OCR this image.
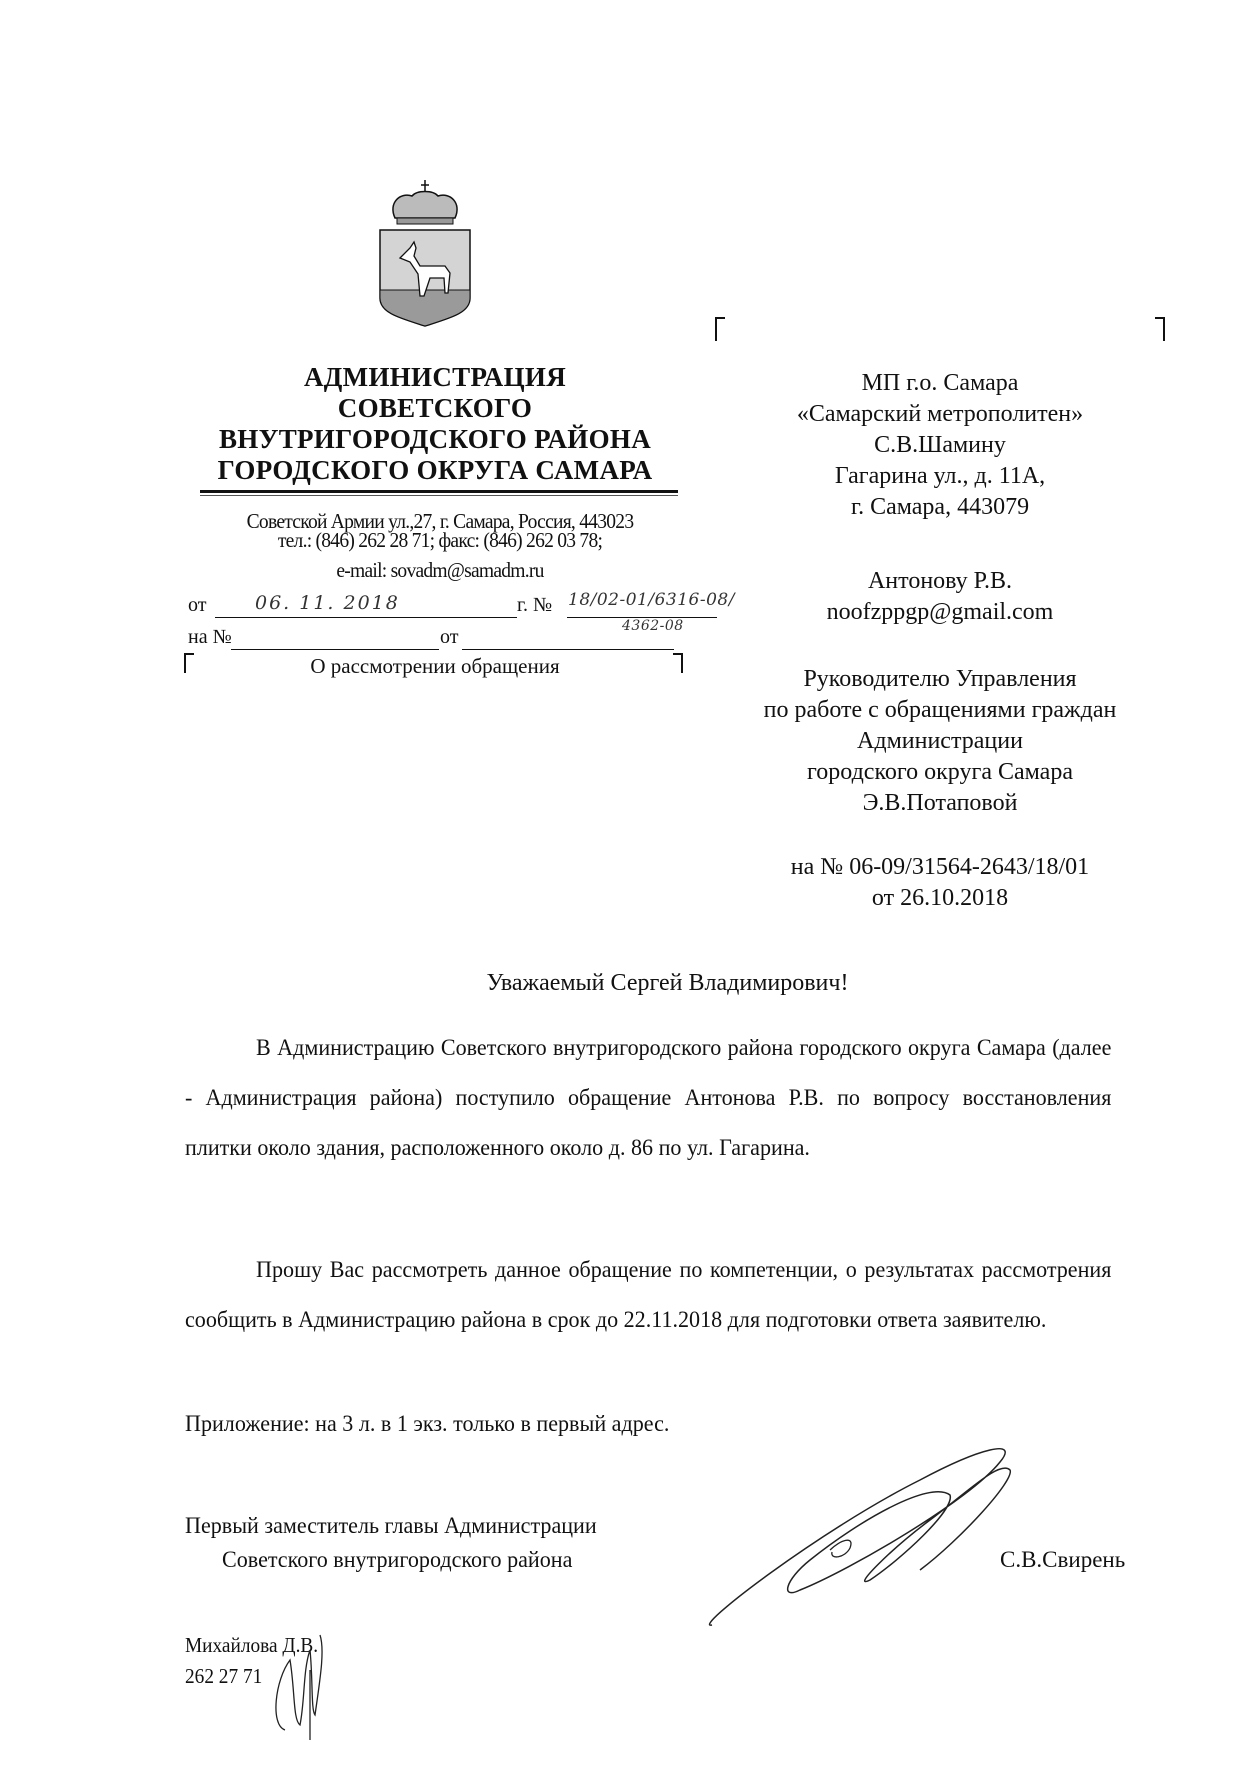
АДМИНИСТРАЦИЯ
СОВЕТСКОГО
ВНУТРИГОРОДСКОГО РАЙОНА
ГОРОДСКОГО ОКРУГА САМАРА
Советской Армии ул.,27, г. Самара, Россия, 443023
тел.: (846) 262 28 71; факс: (846) 262 03 78;
e-mail: sovadm@samadm.ru
от	06. 11. 2018	г. № 18/02-01/6316-08/
4362-08
на №	от
О рассмотрении обращения
МП г.о. Самара
«Самарский метрополитен»
С.В.Шамину
Гагарина ул., д. 11А,
г. Самара, 443079
Антонову Р.В.
noofzppgp@gmail.com
Руководителю Управления
по работе с обращениями граждан
Администрации
городского округа Самара
Э.В.Потаповой
на № 06-09/31564-2643/18/01
от 26.10.2018
Уважаемый Сергей Владимирович!
В Администрацию Советского внутригородского района городского округа Самара (далее - Администрация района) поступило обращение Антонова Р.В. по вопросу восстановления плитки около здания, расположенного около д. 86 по ул. Гагарина.
Прошу Вас рассмотреть данное обращение по компетенции, о результатах рассмотрения сообщить в Администрацию района в срок до 22.11.2018 для подготовки ответа заявителю.
Приложение: на 3 л. в 1 экз. только в первый адрес.
Первый заместитель главы Администрации
Советского внутригородского района	С.В.Свирень
Михайлова Д.В.
262 27 71
